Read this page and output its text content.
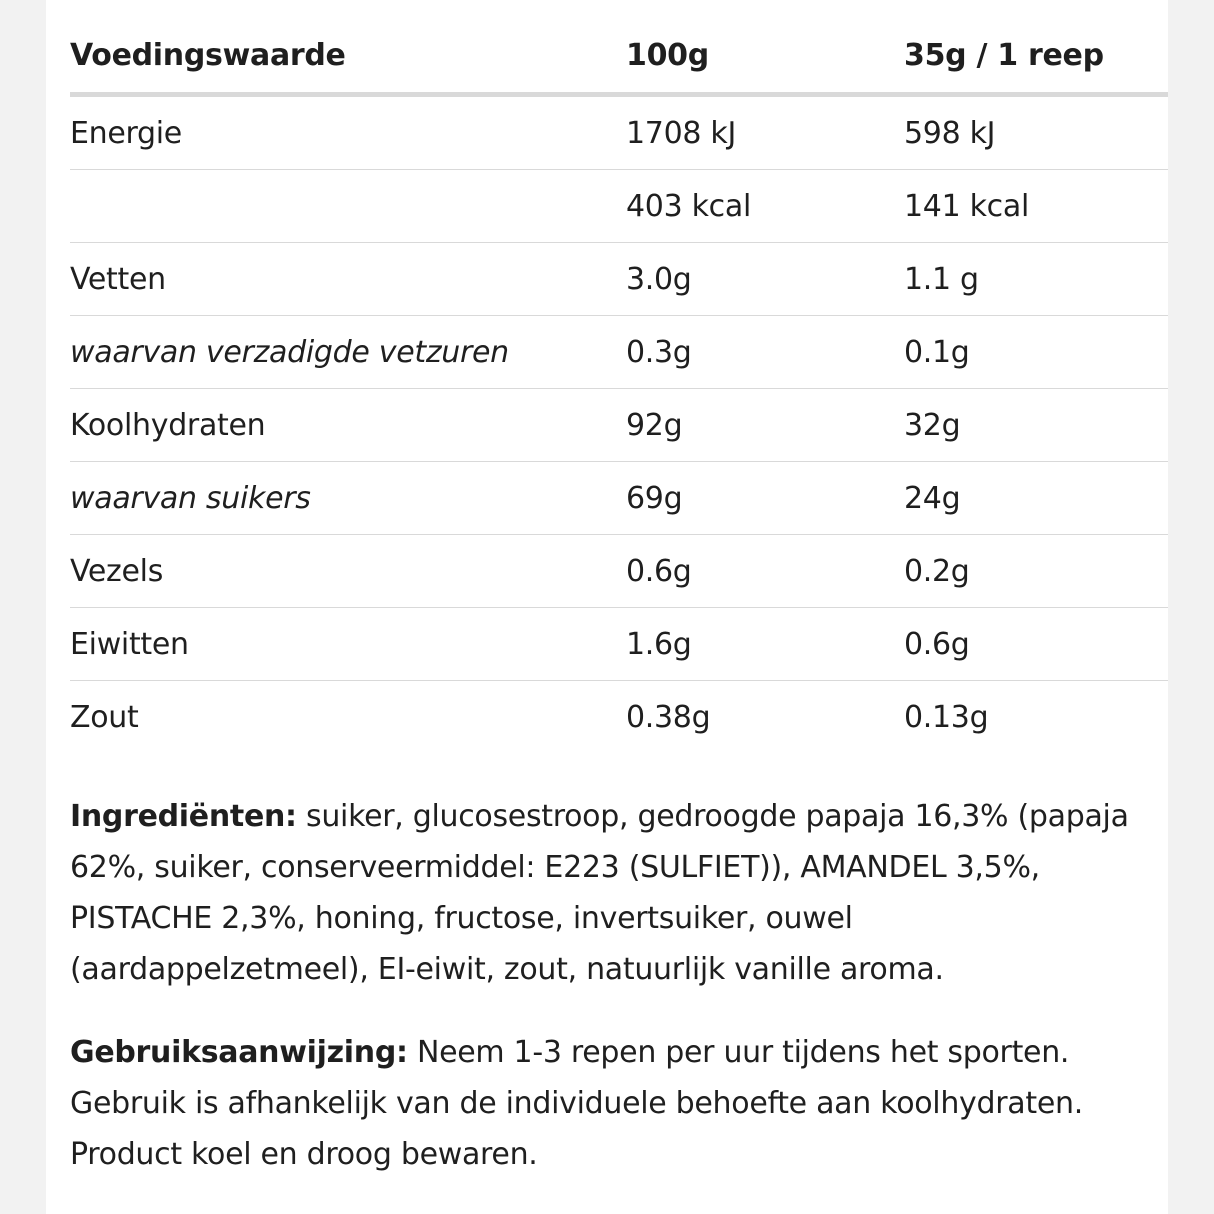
Voedingswaarde	100g	35g / 1 reep
Energie	1708 kJ	598 kJ
	403 kcal	141 kcal
Vetten	3.0g	1.1 g
waarvan verzadigde vetzuren	0.3g	0.1g
Koolhydraten	92g	32g
waarvan suikers	69g	24g
Vezels	0.6g	0.2g
Eiwitten	1.6g	0.6g
Zout	0.38g	0.13g

Ingrediënten: suiker, glucosestroop, gedroogde papaja 16,3% (papaja 62%, suiker, conserveermiddel: E223 (SULFIET)), AMANDEL 3,5%, PISTACHE 2,3%, honing, fructose, invertsuiker, ouwel (aardappelzetmeel), EI-eiwit, zout, natuurlijk vanille aroma.

Gebruiksaanwijzing: Neem 1-3 repen per uur tijdens het sporten. Gebruik is afhankelijk van de individuele behoefte aan koolhydraten. Product koel en droog bewaren.
